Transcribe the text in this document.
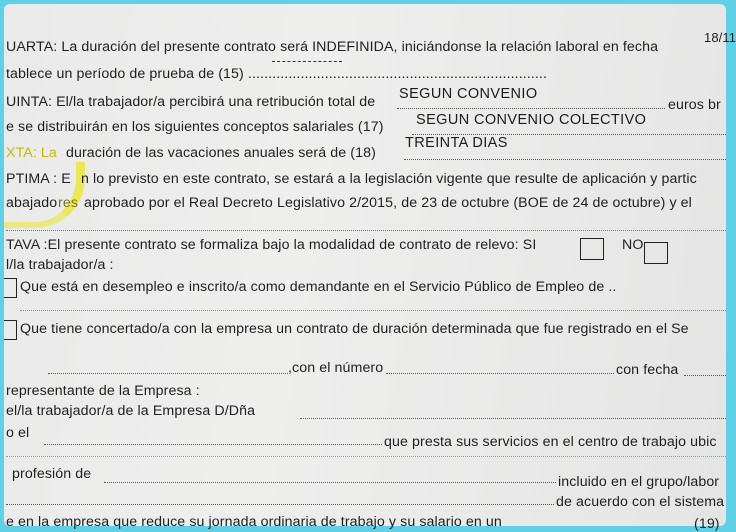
UARTA: La duración del presente contrato será INDEFINIDA, iniciándonse la relación laboral en fecha
18/11
tablece un período de prueba de (15) ..........................................................................
UINTA: El/la trabajador/a percibirá una retribución total de SEGUN CONVENIO
euros br
e se distribuirán en los siguientes conceptos salariales (17) SEGUN CONVENIO COLECTIVO
XTA: La duración de las vacaciones anuales será de (18)
TREINTA DIAS
PTIMA : E n lo previsto en este contrato, se estará a la legislación vigente que resulte de aplicación y partic
abajado res aprobado por el Real Decreto Legislativo 2/2015, de 23 de octubre (BOE de 24 de octubre) y el
TAVA :El presente contrato se formaliza bajo la modalidad de contrato de relevo: SI	NO
l/la trabajador/a :
Que está en desempleo e inscrito/a como demandante en el Servicio Público de Empleo de ..
Que tiene concertado/a con la empresa un contrato de duración determinada que fue registrado en el Se
,con el número	con fecha
representante de la Empresa :
el/la trabajador/a de la Empresa D/Dña
o el
que presta sus servicios en el centro de trabajo ubic
profesión de	incluido en el grupo/labor
de acuerdo con el sistema
e en la empresa que reduce su jornada ordinaria de trabajo y su salario en un	(19)
